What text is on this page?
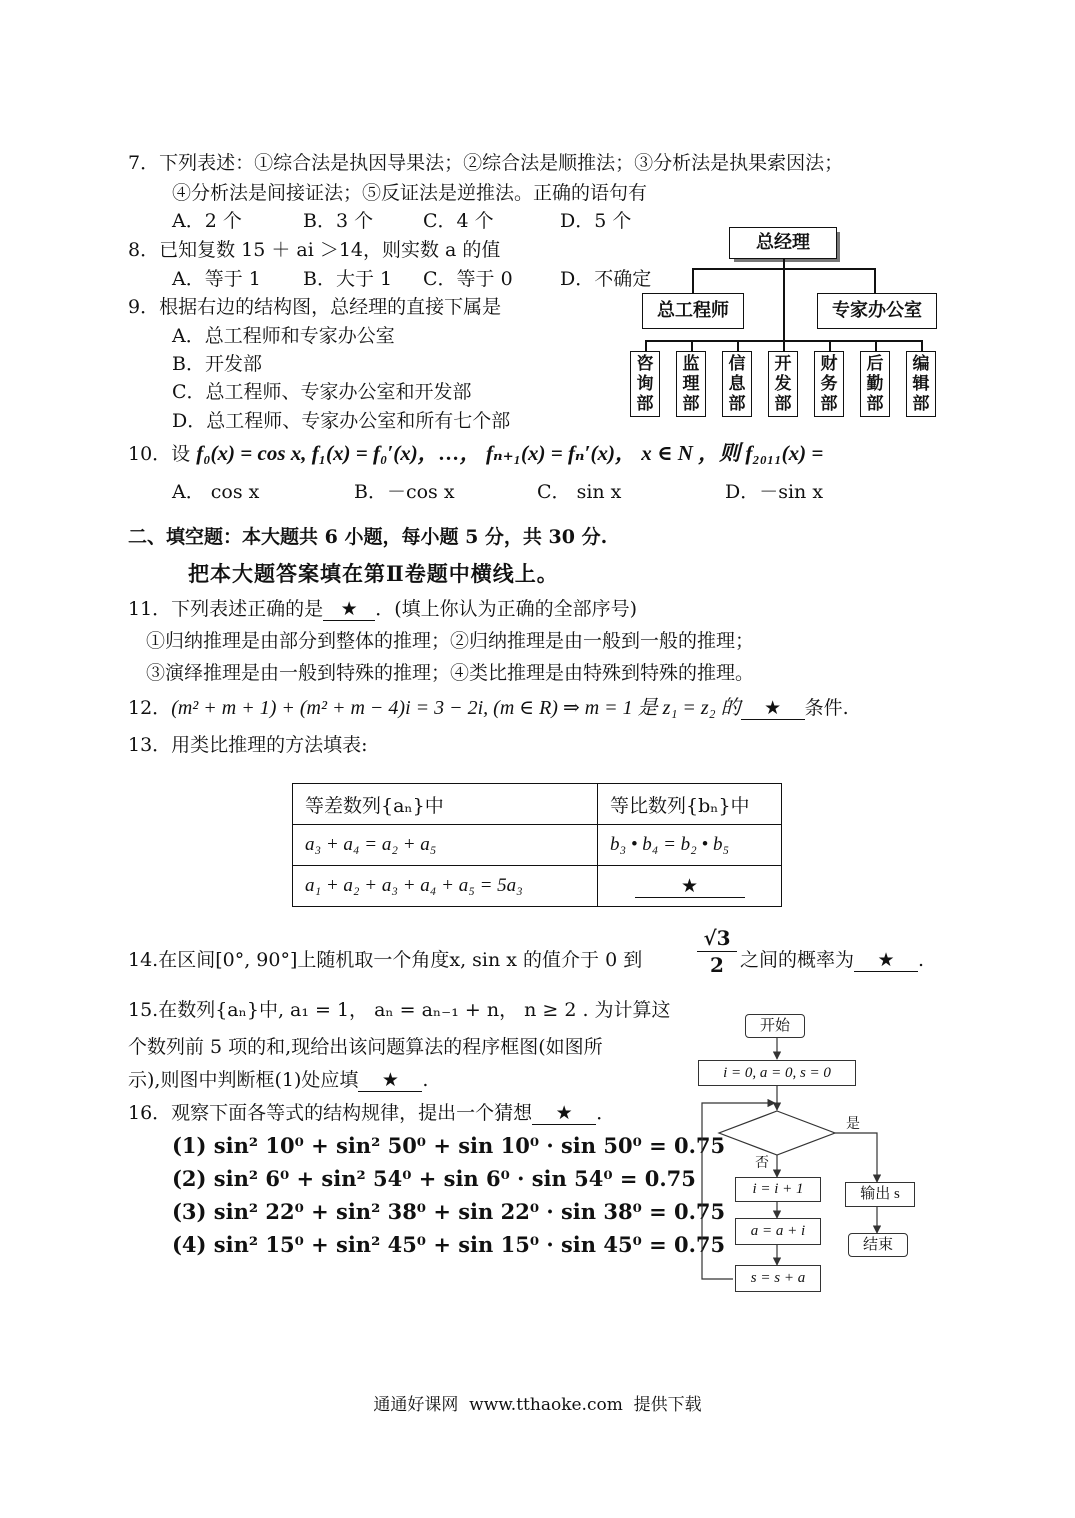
7．下列表述：①综合法是执因导果法；②综合法是顺推法；③分析法是执果索因法；
④分析法是间接证法；⑤反证法是逆推法。正确的语句有
A．2 个	B．3 个	C．4 个	D．5 个
8．已知复数 15 ＋ ai ＞14，则实数 a 的值
A．等于 1 B．大于 1 C．等于 0 D．不确定
9．根据右边的结构图，总经理的直接下属是
A．总工程师和专家办公室
B．开发部
C．总工程师、专家办公室和开发部
D．总工程师、专家办公室和所有七个部
总经理
总工程师	专家办公室
咨
询
部
监
理
部
信
息
部
开
发
部
财
务
部
后
勤
部
编
辑
部
10．设 f₀(x) = cos x, f₁(x) = f₀′(x)，…， fₙ₊₁(x) = fₙ′(x)， x ∈ N ，则 f₂₀₁₁(x) =
A． cos x	B．－cos x	C． sin x	D．－sin x
二、填空题：本大题共 6 小题，每小题 5 分，共 30 分.
把本大题答案填在第Ⅱ卷题中横线上。
11．下列表述正确的是 ★ ．(填上你认为正确的全部序号)
①归纳推理是由部分到整体的推理；②归纳推理是由一般到一般的推理；
③演绎推理是由一般到特殊的推理；④类比推理是由特殊到特殊的推理。
12．(m² + m + 1) + (m² + m − 4)i = 3 − 2i, (m ∈ R) ⇒ m = 1 是 z₁ = z₂ 的 ★ 条件.
13．用类比推理的方法填表:
等差数列{aₙ}中	等比数列{bₙ}中
a₃ + a₄ = a₂ + a₅	b₃ • b₄ = b₂ • b₅
a₁ + a₂ + a₃ + a₄ + a₅ = 5a₃	★
14.在区间[0°, 90°]上随机取一个角度x, sin x 的值介于 0 到	$\frac{√3}{2}$ 之间的概率为 ★ .
15.在数列{aₙ}中, a₁ = 1， aₙ = aₙ₋₁ + n， n ≥ 2 . 为计算这
个数列前 5 项的和,现给出该问题算法的程序框图(如图所
示),则图中判断框(1)处应填 ★ .
16．观察下面各等式的结构规律，提出一个猜想 ★ ．
(1) sin² 10⁰ + sin² 50⁰ + sin 10⁰ · sin 50⁰ = 0.75
(2) sin² 6⁰ + sin² 54⁰ + sin 6⁰ · sin 54⁰ = 0.75
(3) sin² 22⁰ + sin² 38⁰ + sin 22⁰ · sin 38⁰ = 0.75
(4) sin² 15⁰ + sin² 45⁰ + sin 15⁰ · sin 45⁰ = 0.75
开始
i = 0, a = 0, s = 0
是
否
i = i + 1
a = a + i
s = s + a
输出 s
结束
通通好课网  www.tthaoke.com  提供下载
